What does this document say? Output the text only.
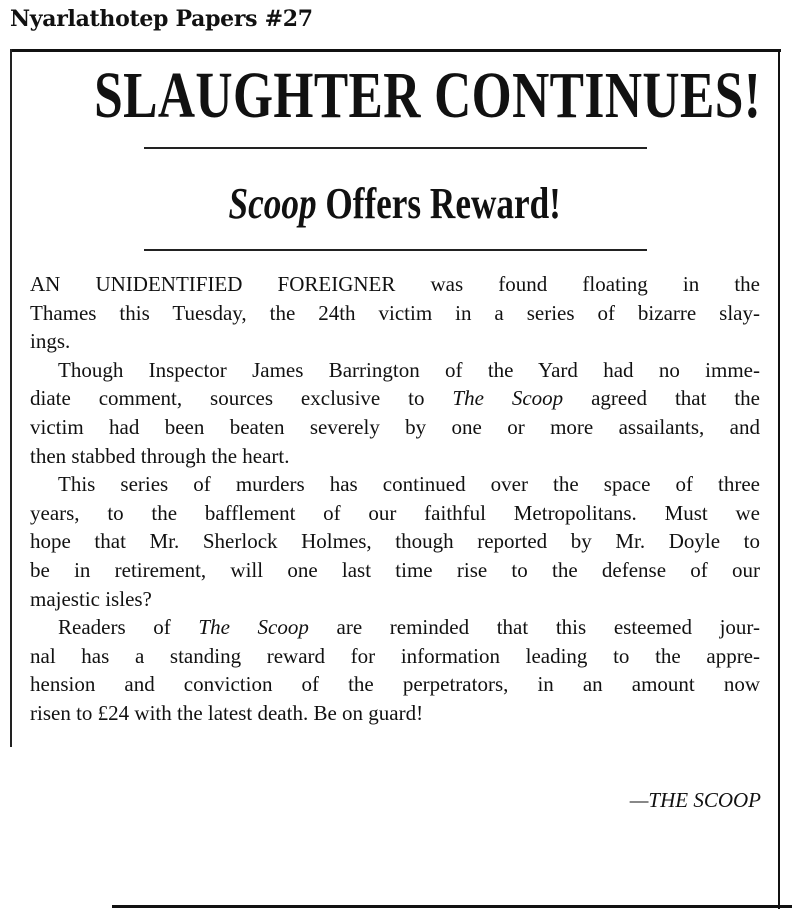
Nyarlathotep Papers #27
SLAUGHTER CONTINUES!
Scoop Offers Reward!
AN UNIDENTIFIED FOREIGNER was found floating in the
Thames this Tuesday, the 24th victim in a series of bizarre slay-
ings.
Though Inspector James Barrington of the Yard had no imme-
diate comment, sources exclusive to The Scoop agreed that the
victim had been beaten severely by one or more assailants, and
then stabbed through the heart.
This series of murders has continued over the space of three
years, to the bafflement of our faithful Metropolitans. Must we
hope that Mr. Sherlock Holmes, though reported by Mr. Doyle to
be in retirement, will one last time rise to the defense of our
majestic isles?
Readers of The Scoop are reminded that this esteemed jour-
nal has a standing reward for information leading to the appre-
hension and conviction of the perpetrators, in an amount now
risen to £24 with the latest death. Be on guard!
—THE SCOOP
